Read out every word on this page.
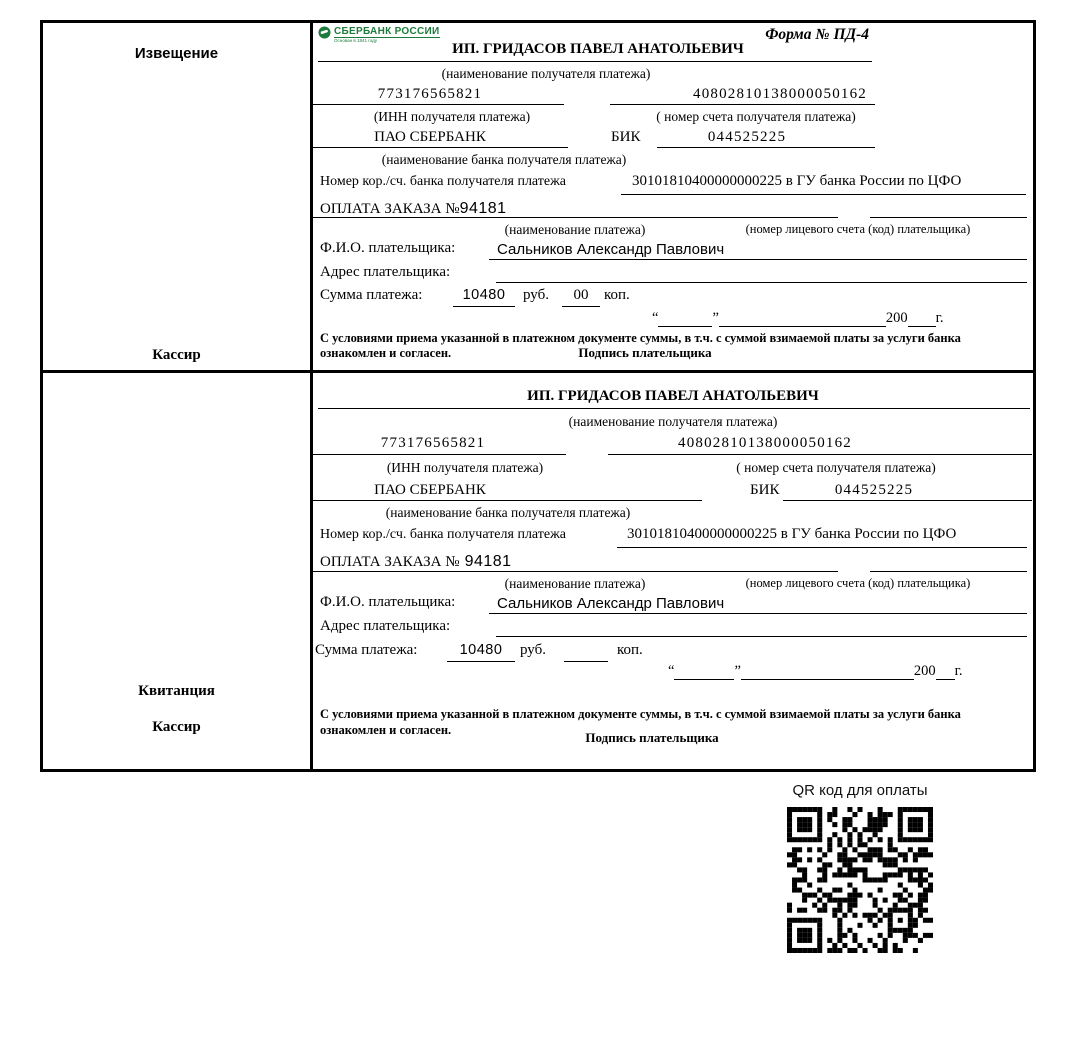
Извещение
Кассир
СБЕРБАНК РОССИИ
Основан в 1841 году	Форма № ПД-4
ИП. ГРИДАСОВ ПАВЕЛ АНАТОЛЬЕВИЧ
(наименование получателя платежа)
773176565821	40802810138000050162
(ИНН получателя платежа)	( номер счета получателя платежа)
ПАО СБЕРБАНК	БИК	044525225
(наименование банка получателя платежа)
Номер кор./сч. банка получателя платежа	30101810400000000225 в ГУ банка России по ЦФО
ОПЛАТА ЗАКАЗА №94181
(наименование платежа)	(номер лицевого счета (код) плательщика)
Ф.И.О. плательщика:	Сальников Александр Павлович
Адрес плательщика:
Сумма платежа:	10480	руб.	00	коп.
“	”	200 г.
С условиями приема указанной в платежном документе суммы, в т.ч. с суммой взимаемой платы за услуги банка
ознакомлен и согласен.	Подпись плательщика
Квитанция
Кассир
ИП. ГРИДАСОВ ПАВЕЛ АНАТОЛЬЕВИЧ
(наименование получателя платежа)
773176565821	40802810138000050162
(ИНН получателя платежа)	( номер счета получателя платежа)
ПАО СБЕРБАНК	БИК	044525225
(наименование банка получателя платежа)
Номер кор./сч. банка получателя платежа	30101810400000000225 в ГУ банка России по ЦФО
ОПЛАТА ЗАКАЗА № 94181
(наименование платежа)	(номер лицевого счета (код) плательщика)
Ф.И.О. плательщика:	Сальников Александр Павлович
Адрес плательщика:
Сумма платежа:	10480	руб.	коп.
“	”	200 г.
С условиями приема указанной в платежном документе суммы, в т.ч. с суммой взимаемой платы за услуги банка
ознакомлен и согласен.	Подпись плательщика
QR код для оплаты
